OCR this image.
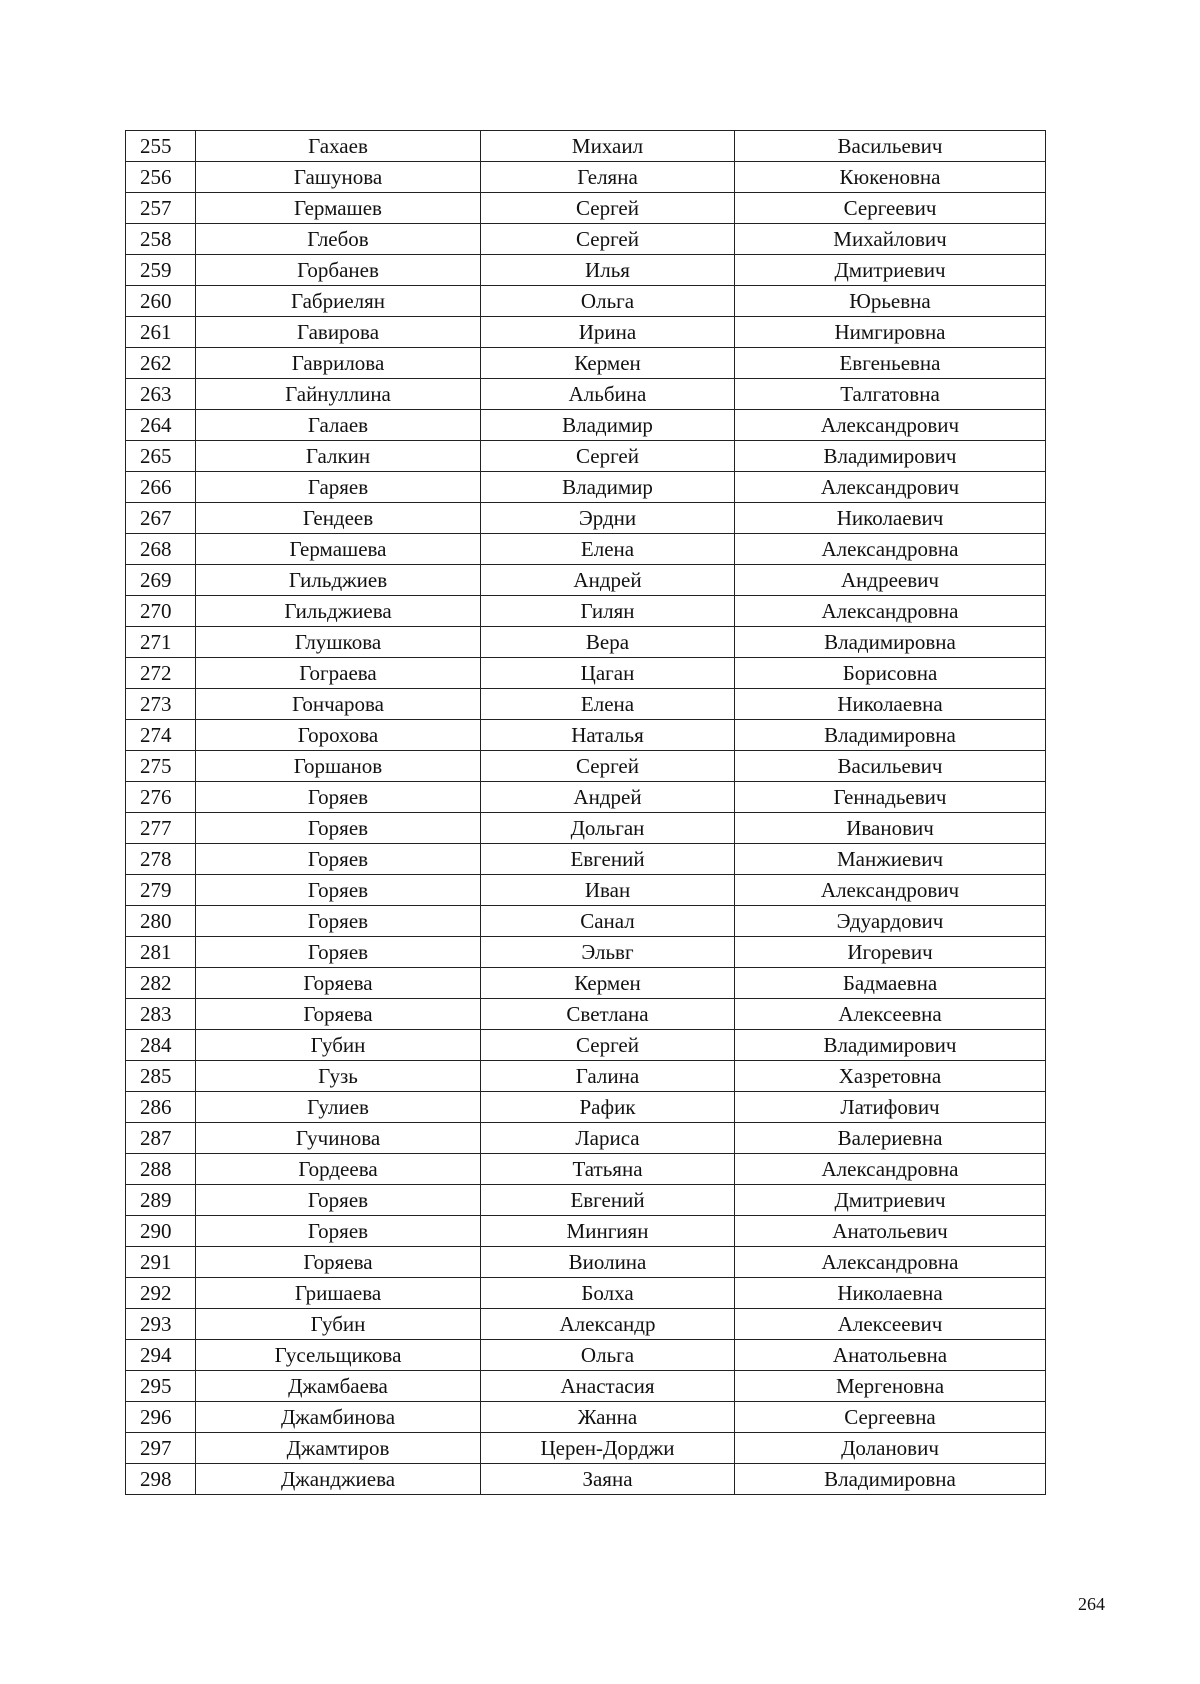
255	Гахаев	Михаил	Васильевич
256	Гашунова	Геляна	Кюкеновна
257	Гермашев	Сергей	Сергеевич
258	Глебов	Сергей	Михайлович
259	Горбанев	Илья	Дмитриевич
260	Габриелян	Ольга	Юрьевна
261	Гавирова	Ирина	Нимгировна
262	Гаврилова	Кермен	Евгеньевна
263	Гайнуллина	Альбина	Талгатовна
264	Галаев	Владимир	Александрович
265	Галкин	Сергей	Владимирович
266	Гаряев	Владимир	Александрович
267	Гендеев	Эрдни	Николаевич
268	Гермашева	Елена	Александровна
269	Гильджиев	Андрей	Андреевич
270	Гильджиева	Гилян	Александровна
271	Глушкова	Вера	Владимировна
272	Гограева	Цаган	Борисовна
273	Гончарова	Елена	Николаевна
274	Горохова	Наталья	Владимировна
275	Горшанов	Сергей	Васильевич
276	Горяев	Андрей	Геннадьевич
277	Горяев	Дольган	Иванович
278	Горяев	Евгений	Манжиевич
279	Горяев	Иван	Александрович
280	Горяев	Санал	Эдуардович
281	Горяев	Эльвг	Игоревич
282	Горяева	Кермен	Бадмаевна
283	Горяева	Светлана	Алексеевна
284	Губин	Сергей	Владимирович
285	Гузь	Галина	Хазретовна
286	Гулиев	Рафик	Латифович
287	Гучинова	Лариса	Валериевна
288	Гордеева	Татьяна	Александровна
289	Горяев	Евгений	Дмитриевич
290	Горяев	Мингиян	Анатольевич
291	Горяева	Виолина	Александровна
292	Гришаева	Болха	Николаевна
293	Губин	Александр	Алексеевич
294	Гусельщикова	Ольга	Анатольевна
295	Джамбаева	Анастасия	Мергеновна
296	Джамбинова	Жанна	Сергеевна
297	Джамтиров	Церен-Дорджи	Доланович
298	Джанджиева	Заяна	Владимировна
264
